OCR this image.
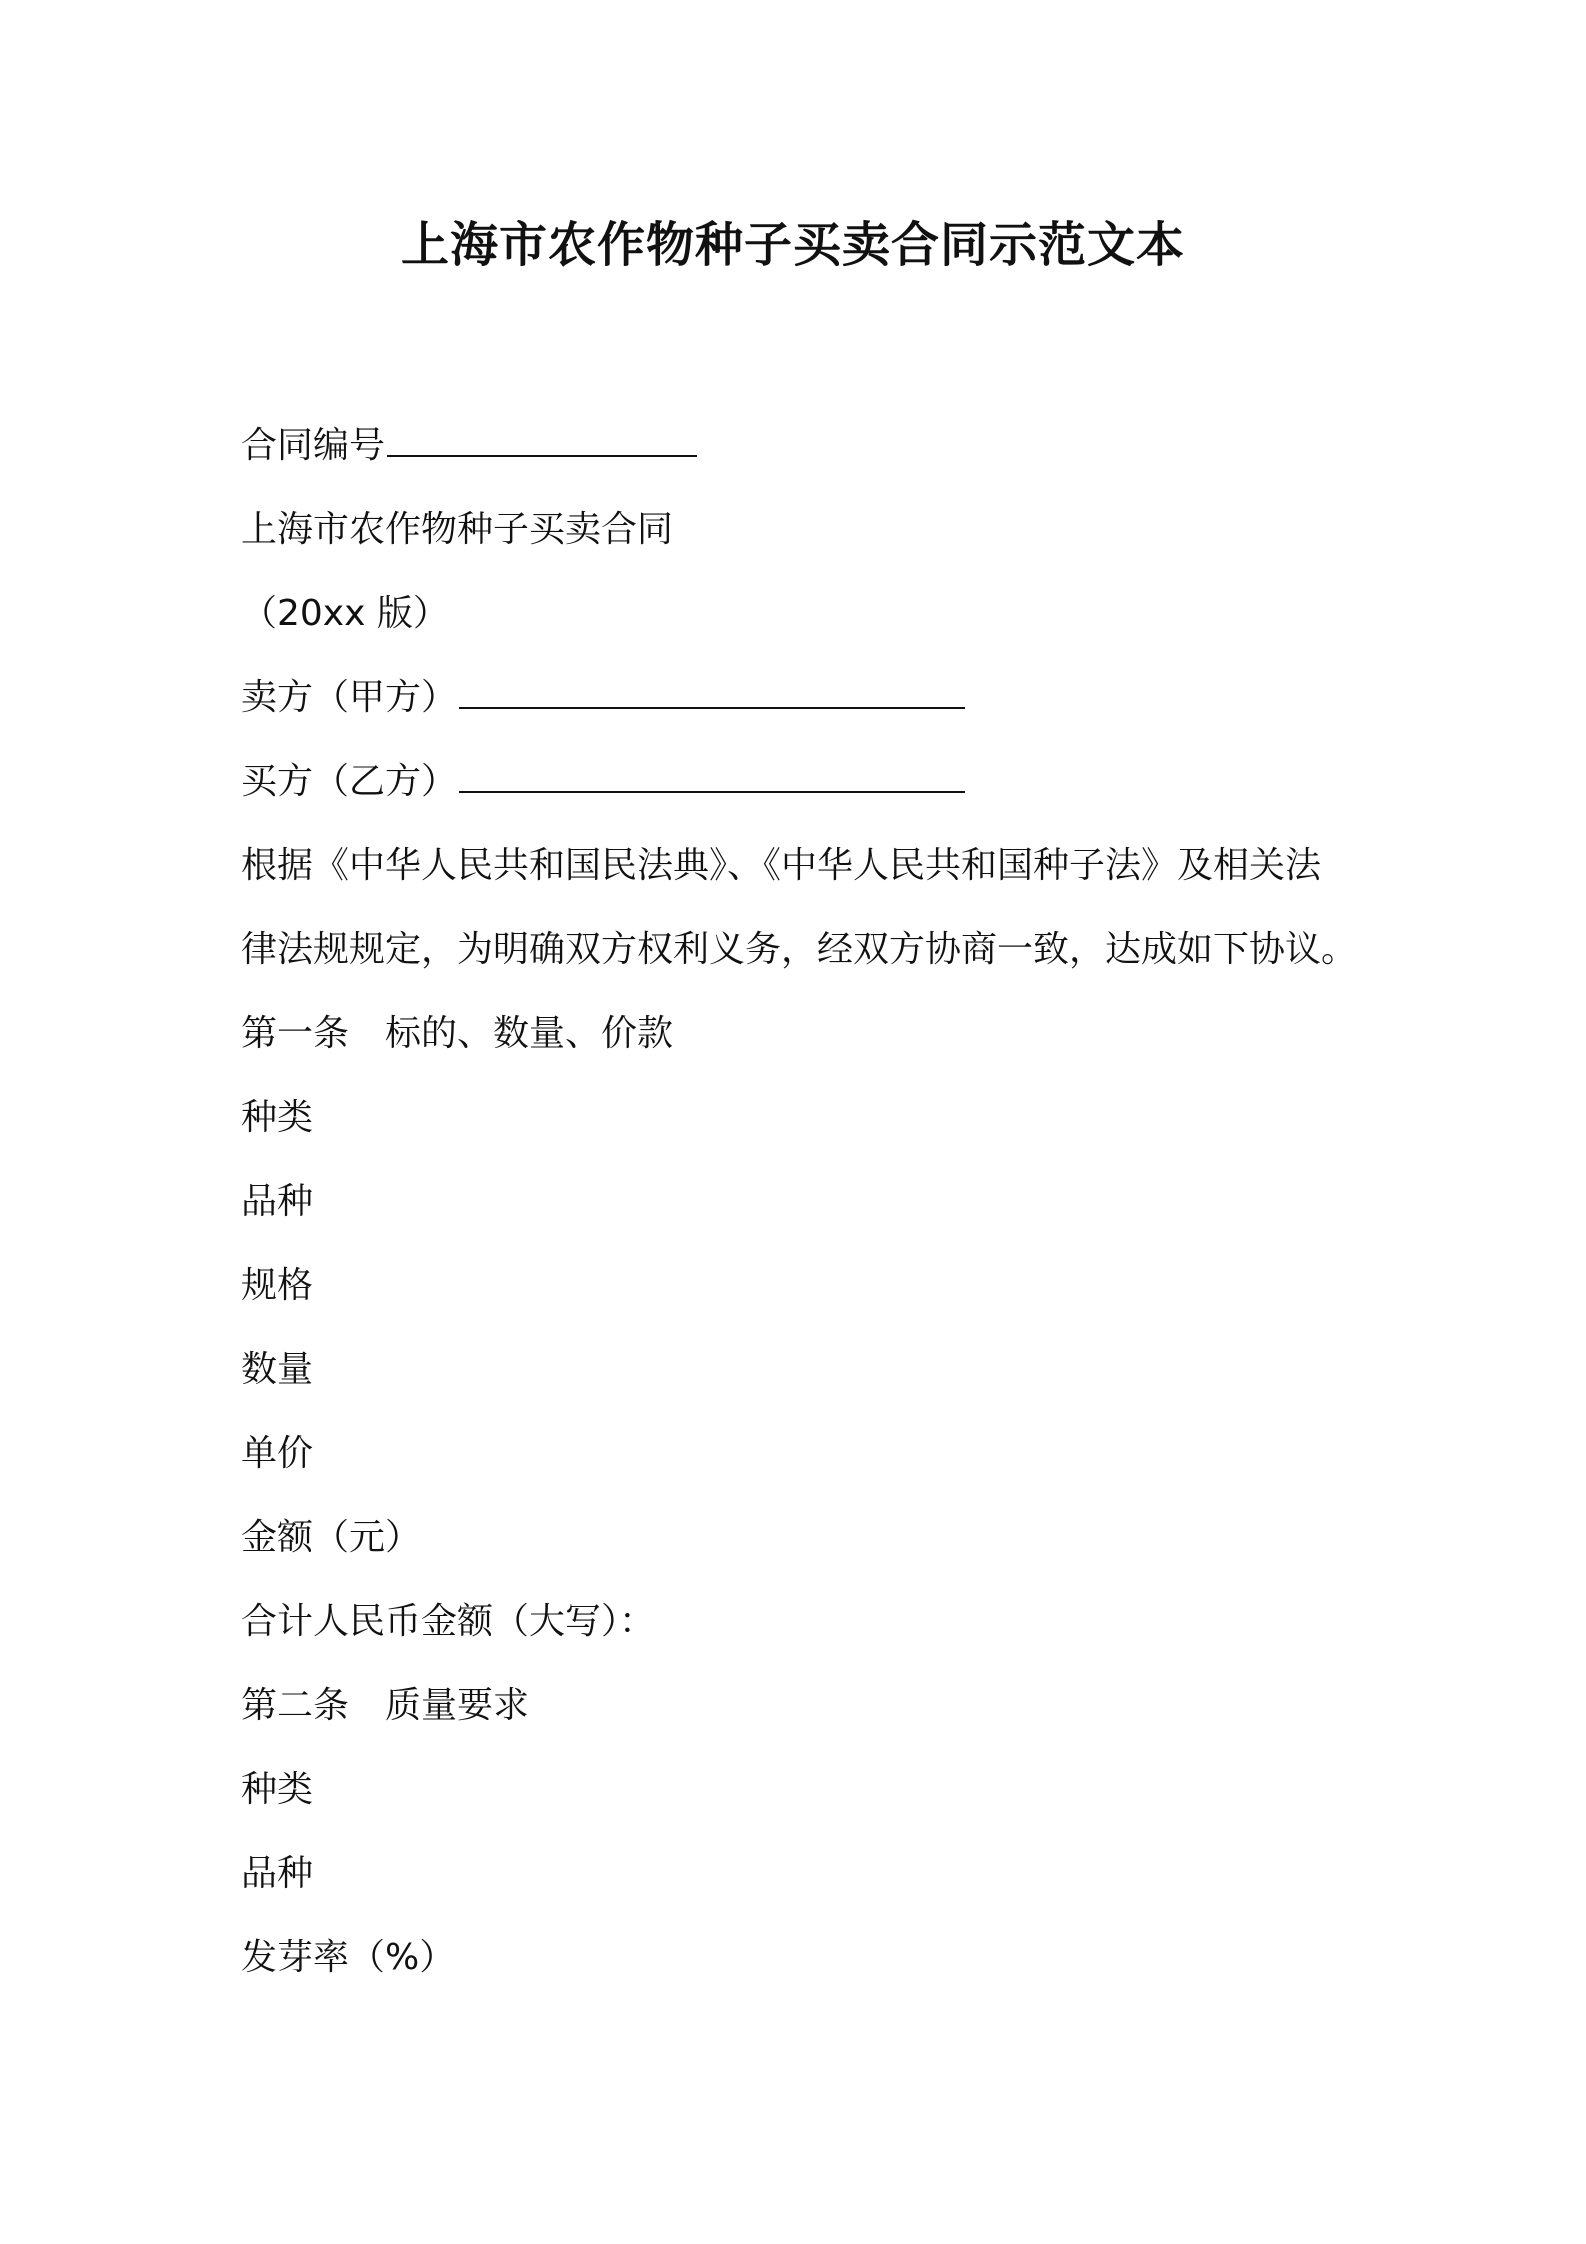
上海市农作物种子买卖合同示范文本
合同编号
上海市农作物种子买卖合同
（20xx 版）
卖方（甲方）
买方（乙方）
根据《中华人民共和国民法典》、《中华人民共和国种子法》及相关法
律法规规定，为明确双方权利义务，经双方协商一致，达成如下协议。
第一条 标的、数量、价款
种类
品种
规格
数量
单价
金额（元）
合计人民币金额（大写）：
第二条 质量要求
种类
品种
发芽率（%）
